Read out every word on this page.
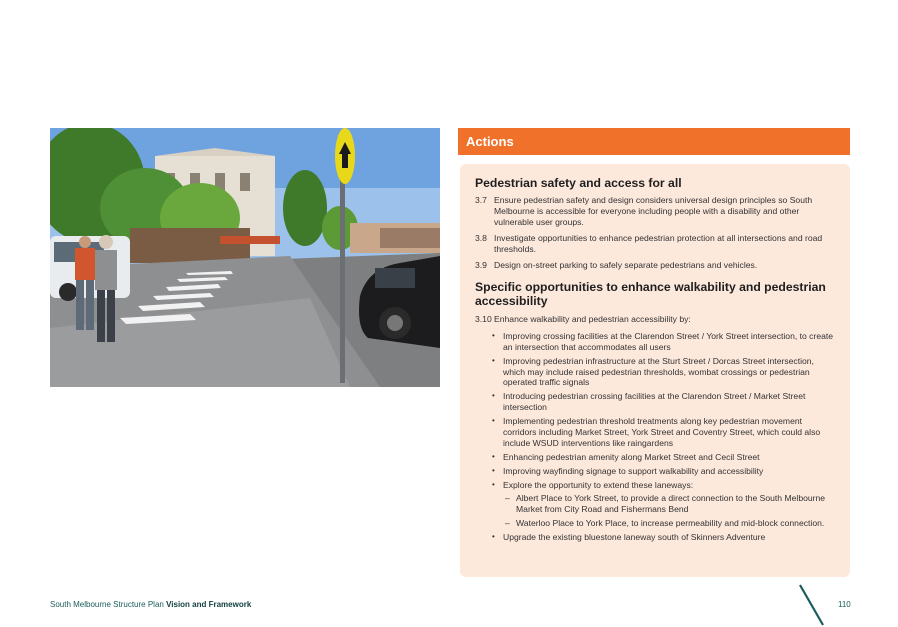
Actions
Pedestrian safety and access for all
3.7 Ensure pedestrian safety and design considers universal design principles so South Melbourne is accessible for everyone including people with a disability and other vulnerable user groups.
3.8 Investigate opportunities to enhance pedestrian protection at all intersections and road thresholds.
3.9 Design on-street parking to safely separate pedestrians and vehicles.
Specific opportunities to enhance walkability and pedestrian accessibility
3.10 Enhance walkability and pedestrian accessibility by:
• Improving crossing facilities at the Clarendon Street / York Street intersection, to create an intersection that accommodates all users
• Improving pedestrian infrastructure at the Sturt Street / Dorcas Street intersection, which may include raised pedestrian thresholds, wombat crossings or pedestrian operated traffic signals
• Introducing pedestrian crossing facilities at the Clarendon Street / Market Street intersection
• Implementing pedestrian threshold treatments along key pedestrian movement corridors including Market Street, York Street and Coventry Street, which could also include WSUD interventions like raingardens
• Enhancing pedestrian amenity along Market Street and Cecil Street
• Improving wayfinding signage to support walkability and accessibility
• Explore the opportunity to extend these laneways:
– Albert Place to York Street, to provide a direct connection to the South Melbourne Market from City Road and Fishermans Bend
– Waterloo Place to York Place, to increase permeability and mid-block connection.
• Upgrade the existing bluestone laneway south of Skinners Adventure
South Melbourne Structure Plan Vision and Framework	110
